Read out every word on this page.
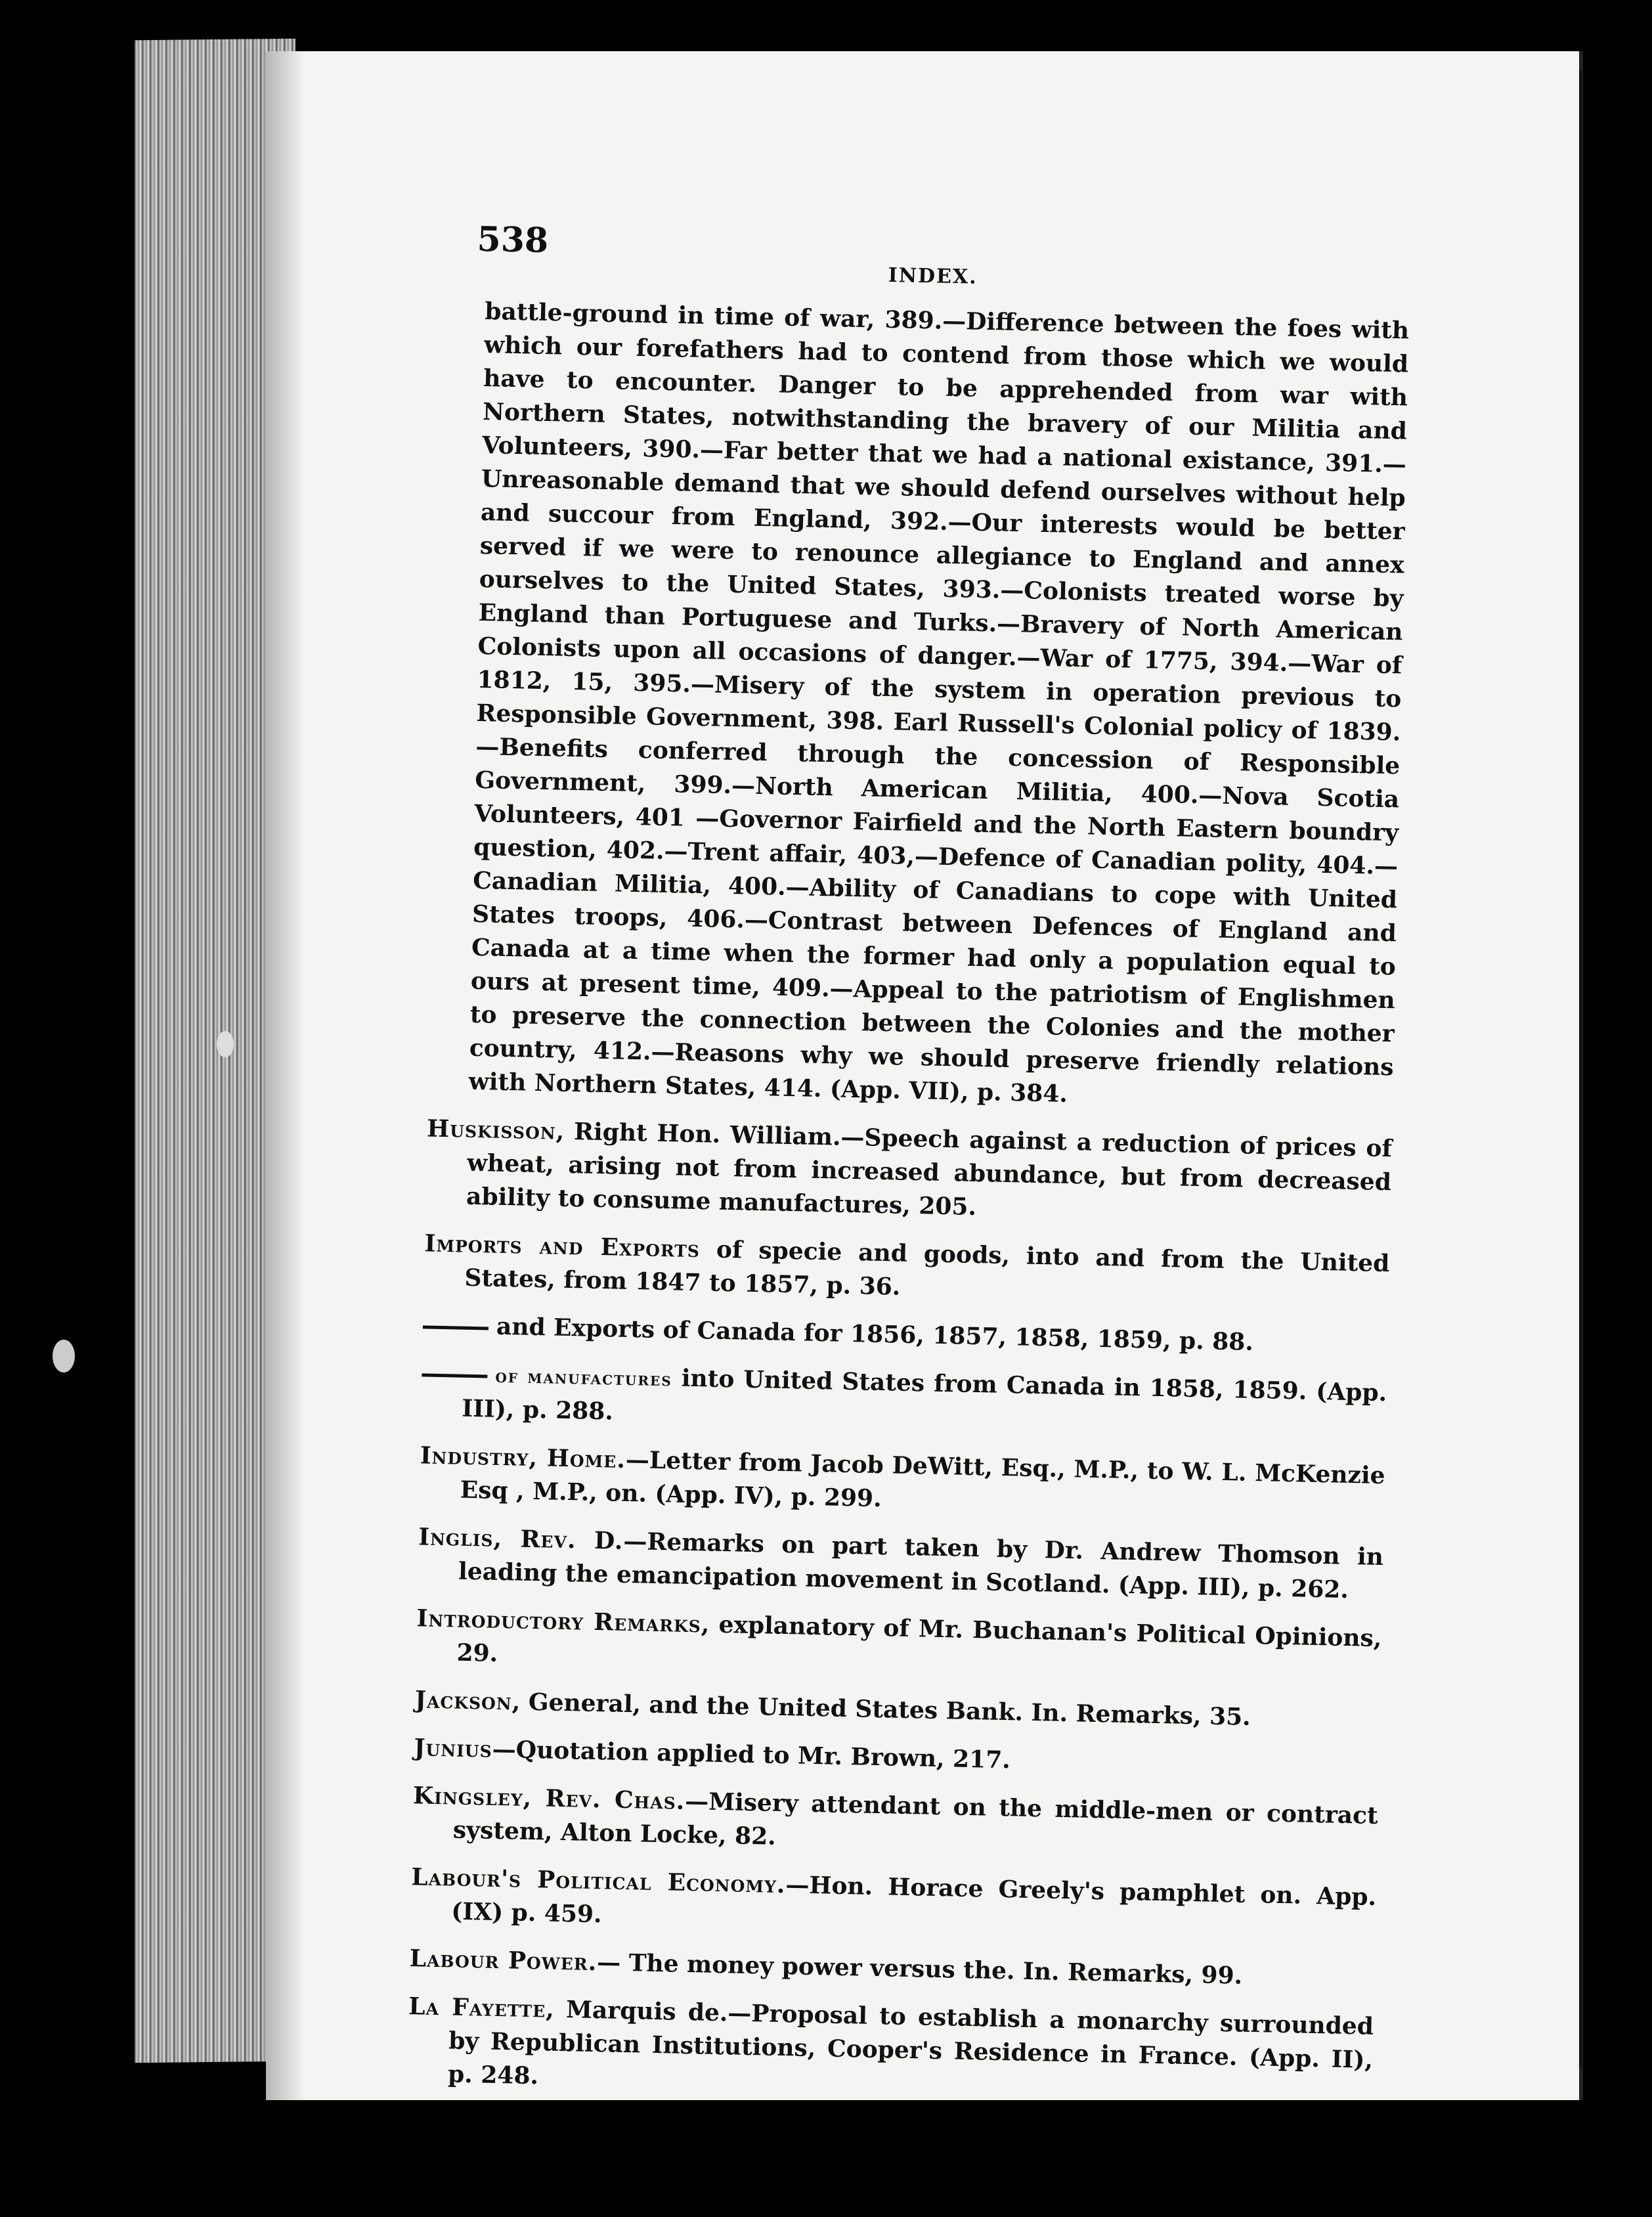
538
INDEX.

battle-ground in time of war, 389.—Difference between the foes with which our forefathers had to contend from those which we would have to encounter. Danger to be apprehended from war with Northern States, notwithstanding the bravery of our Militia and Volunteers, 390.—Far better that we had a national existance, 391.—Unreasonable demand that we should defend ourselves without help and succour from England, 392.—Our interests would be better served if we were to renounce allegiance to England and annex ourselves to the United States, 393.—Colonists treated worse by England than Portuguese and Turks.—Bravery of North American Colonists upon all occasions of danger.—War of 1775, 394.—War of 1812, 15, 395.—Misery of the system in operation previous to Responsible Government, 398. Earl Russell's Colonial policy of 1839.—Benefits conferred through the concession of Responsible Government, 399.—North American Militia, 400.—Nova Scotia Volunteers, 401 —Governor Fairfield and the North Eastern boundry question, 402.—Trent affair, 403,—Defence of Canadian polity, 404.—Canadian Militia, 400.—Ability of Canadians to cope with United States troops, 406.—Contrast between Defences of England and Canada at a time when the former had only a population equal to ours at present time, 409.—Appeal to the patriotism of Englishmen to preserve the connection between the Colonies and the mother country, 412.—Reasons why we should preserve friendly relations with Northern States, 414. (App. VII), p. 384.

Huskisson, Right Hon. William.—Speech against a reduction of prices of wheat, arising not from increased abundance, but from decreased ability to consume manufactures, 205.

Imports and Exports of specie and goods, into and from the United States, from 1847 to 1857, p. 36.

and Exports of Canada for 1856, 1857, 1858, 1859, p. 88.

of manufactures into United States from Canada in 1858, 1859. (App. III), p. 288.

Industry, Home.—Letter from Jacob DeWitt, Esq., M.P., to W. L. McKenzie Esq , M.P., on. (App. IV), p. 299.

Inglis, Rev. D.—Remarks on part taken by Dr. Andrew Thomson in leading the emancipation movement in Scotland. (App. III), p. 262.

Introductory Remarks, explanatory of Mr. Buchanan's Political Opinions, 29.

Jackson, General, and the United States Bank. In. Remarks, 35.

Junius—Quotation applied to Mr. Brown, 217.

Kingsley, Rev. Chas.—Misery attendant on the middle-men or contract system, Alton Locke, 82.

Labour's Political Economy.—Hon. Horace Greely's pamphlet on. App. (IX) p. 459.

Labour Power.— The money power versus the. In. Remarks, 99.

La Fayette, Marquis de.—Proposal to establish a monarchy surrounded by Republican Institutions, Cooper's Residence in France. (App. II), p. 248.
